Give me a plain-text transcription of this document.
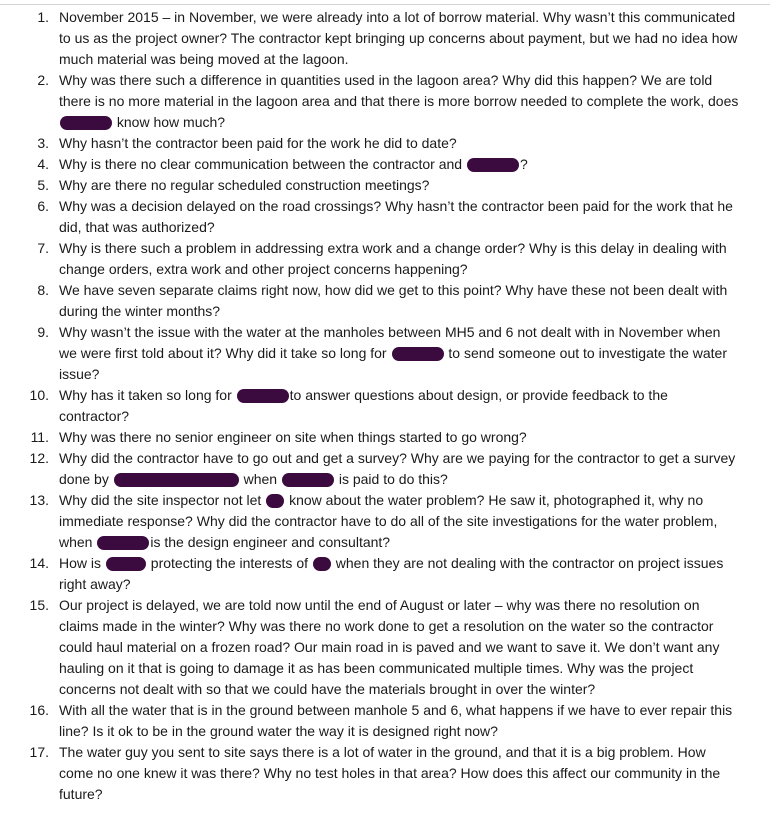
1. November 2015 – in November, we were already into a lot of borrow material. Why wasn’t this communicated to us as the project owner? The contractor kept bringing up concerns about payment, but we had no idea how much material was being moved at the lagoon.
2. Why was there such a difference in quantities used in the lagoon area? Why did this happen? We are told there is no more material in the lagoon area and that there is more borrow needed to complete the work, does  know how much?
3. Why hasn’t the contractor been paid for the work he did to date?
4. Why is there no clear communication between the contractor and	?
5. Why are there no regular scheduled construction meetings?
6. Why was a decision delayed on the road crossings? Why hasn’t the contractor been paid for the work that he did, that was authorized?
7. Why is there such a problem in addressing extra work and a change order? Why is this delay in dealing with change orders, extra work and other project concerns happening?
8. We have seven separate claims right now, how did we get to this point? Why have these not been dealt with during the winter months?
9. Why wasn’t the issue with the water at the manholes between MH5 and 6 not dealt with in November when we were first told about it? Why did it take so long for	to send someone out to investigate the water issue?
10. Why has it taken so long for	to answer questions about design, or provide feedback to the contractor?
11. Why was there no senior engineer on site when things started to go wrong?
12. Why did the contractor have to go out and get a survey? Why are we paying for the contractor to get a survey done by	when	is paid to do this?
13. Why did the site inspector not let  know about the water problem? He saw it, photographed it, why no immediate response? Why did the contractor have to do all of the site investigations for the water problem, when	is the design engineer and consultant?
14. How is	protecting the interests of  when they are not dealing with the contractor on project issues right away?
15. Our project is delayed, we are told now until the end of August or later – why was there no resolution on claims made in the winter? Why was there no work done to get a resolution on the water so the contractor could haul material on a frozen road? Our main road in is paved and we want to save it. We don’t want any hauling on it that is going to damage it as has been communicated multiple times. Why was the project concerns not dealt with so that we could have the materials brought in over the winter?
16. With all the water that is in the ground between manhole 5 and 6, what happens if we have to ever repair this line? Is it ok to be in the ground water the way it is designed right now?
17. The water guy you sent to site says there is a lot of water in the ground, and that it is a big problem. How come no one knew it was there? Why no test holes in that area? How does this affect our community in the future?
